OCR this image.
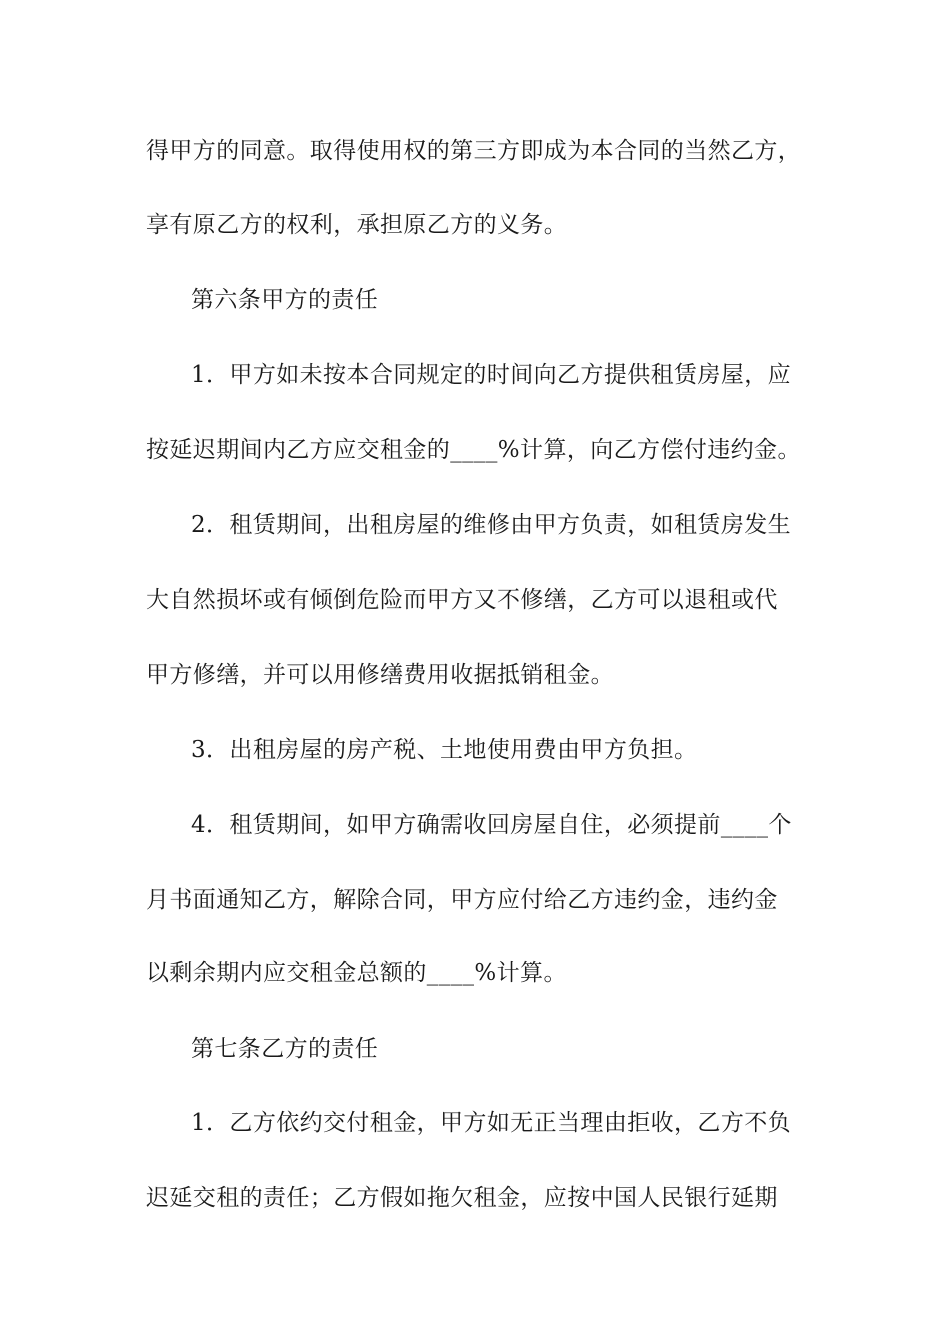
得甲方的同意。取得使用权的第三方即成为本合同的当然乙方，
享有原乙方的权利，承担原乙方的义务。
第六条甲方的责任
1．甲方如未按本合同规定的时间向乙方提供租赁房屋，应
按延迟期间内乙方应交租金的____%计算，向乙方偿付违约金。
2．租赁期间，出租房屋的维修由甲方负责，如租赁房发生
大自然损坏或有倾倒危险而甲方又不修缮，乙方可以退租或代
甲方修缮，并可以用修缮费用收据抵销租金。
3．出租房屋的房产税、土地使用费由甲方负担。
4．租赁期间，如甲方确需收回房屋自住，必须提前____个
月书面通知乙方，解除合同，甲方应付给乙方违约金，违约金
以剩余期内应交租金总额的____%计算。
第七条乙方的责任
1．乙方依约交付租金，甲方如无正当理由拒收，乙方不负
迟延交租的责任；乙方假如拖欠租金，应按中国人民银行延期
